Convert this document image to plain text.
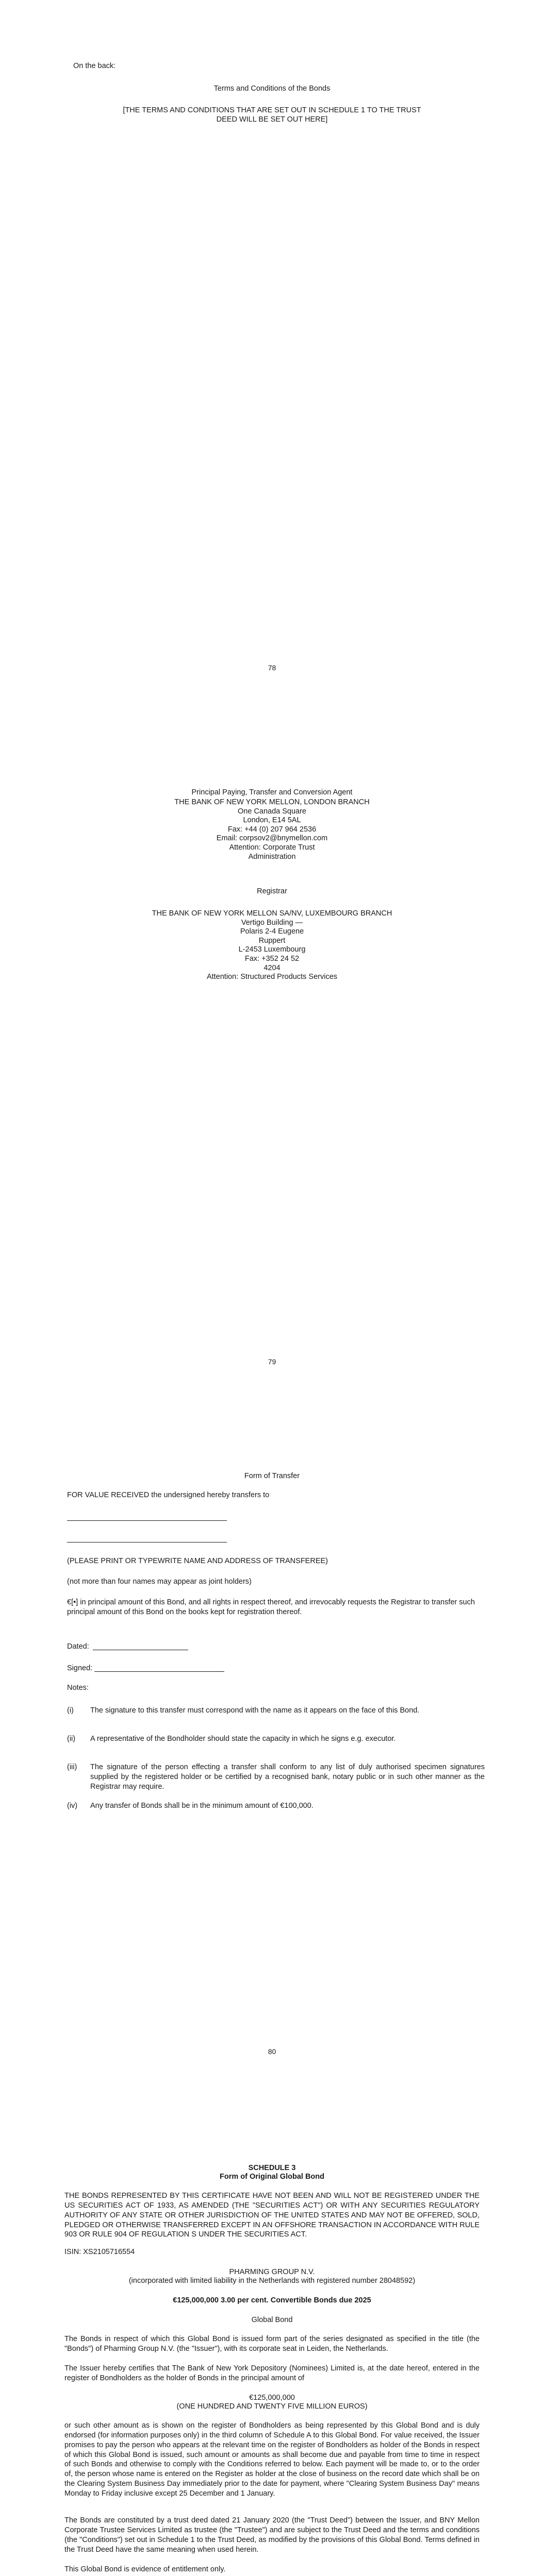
On the back:
Terms and Conditions of the Bonds
[THE TERMS AND CONDITIONS THAT ARE SET OUT IN SCHEDULE 1 TO THE TRUST
DEED WILL BE SET OUT HERE]
78
Principal Paying, Transfer and Conversion Agent
THE BANK OF NEW YORK MELLON, LONDON BRANCH
One Canada Square
London, E14 5AL
Fax: +44 (0) 207 964 2536
Email: corpsov2@bnymellon.com
Attention: Corporate Trust
Administration
Registrar
THE BANK OF NEW YORK MELLON SA/NV, LUXEMBOURG BRANCH
Vertigo Building —
Polaris 2-4 Eugene
Ruppert
L-2453 Luxembourg
Fax: +352 24 52
4204
Attention: Structured Products Services
79
Form of Transfer
FOR VALUE RECEIVED the undersigned hereby transfers to
(PLEASE PRINT OR TYPEWRITE NAME AND ADDRESS OF TRANSFEREE)
(not more than four names may appear as joint holders)
€[•] in principal amount of this Bond, and all rights in respect thereof, and irrevocably requests the Registrar to transfer such principal amount of this Bond on the books kept for registration thereof.
Dated:
Signed:
Notes:
(i)	The signature to this transfer must correspond with the name as it appears on the face of this Bond.
(ii)	A representative of the Bondholder should state the capacity in which he signs e.g. executor.
(iii)	The signature of the person effecting a transfer shall conform to any list of duly authorised specimen signatures supplied by the registered holder or be certified by a recognised bank, notary public or in such other manner as the Registrar may require.
(iv)	Any transfer of Bonds shall be in the minimum amount of €100,000.
80
SCHEDULE 3
Form of Original Global Bond
THE BONDS REPRESENTED BY THIS CERTIFICATE HAVE NOT BEEN AND WILL NOT BE REGISTERED UNDER THE US SECURITIES ACT OF 1933, AS AMENDED (THE "SECURITIES ACT") OR WITH ANY SECURITIES REGULATORY AUTHORITY OF ANY STATE OR OTHER JURISDICTION OF THE UNITED STATES AND MAY NOT BE OFFERED, SOLD, PLEDGED OR OTHERWISE TRANSFERRED EXCEPT IN AN OFFSHORE TRANSACTION IN ACCORDANCE WITH RULE 903 OR RULE 904 OF REGULATION S UNDER THE SECURITIES ACT.
ISIN: XS2105716554
PHARMING GROUP N.V.
(incorporated with limited liability in the Netherlands with registered number 28048592)
€125,000,000 3.00 per cent. Convertible Bonds due 2025
Global Bond
The Bonds in respect of which this Global Bond is issued form part of the series designated as specified in the title (the "Bonds") of Pharming Group N.V. (the "Issuer"), with its corporate seat in Leiden, the Netherlands.
The Issuer hereby certifies that The Bank of New York Depository (Nominees) Limited is, at the date hereof, entered in the register of Bondholders as the holder of Bonds in the principal amount of
€125,000,000
(ONE HUNDRED AND TWENTY FIVE MILLION EUROS)
or such other amount as is shown on the register of Bondholders as being represented by this Global Bond and is duly endorsed (for information purposes only) in the third column of Schedule A to this Global Bond. For value received, the Issuer promises to pay the person who appears at the relevant time on the register of Bondholders as holder of the Bonds in respect of which this Global Bond is issued, such amount or amounts as shall become due and payable from time to time in respect of such Bonds and otherwise to comply with the Conditions referred to below. Each payment will be made to, or to the order of, the person whose name is entered on the Register as holder at the close of business on the record date which shall be on the Clearing System Business Day immediately prior to the date for payment, where "Clearing System Business Day" means Monday to Friday inclusive except 25 December and 1 January.
The Bonds are constituted by a trust deed dated 21 January 2020 (the "Trust Deed") between the Issuer, and BNY Mellon Corporate Trustee Services Limited as trustee (the "Trustee") and are subject to the Trust Deed and the terms and conditions (the "Conditions") set out in Schedule 1 to the Trust Deed, as modified by the provisions of this Global Bond. Terms defined in the Trust Deed have the same meaning when used herein.
This Global Bond is evidence of entitlement only.
